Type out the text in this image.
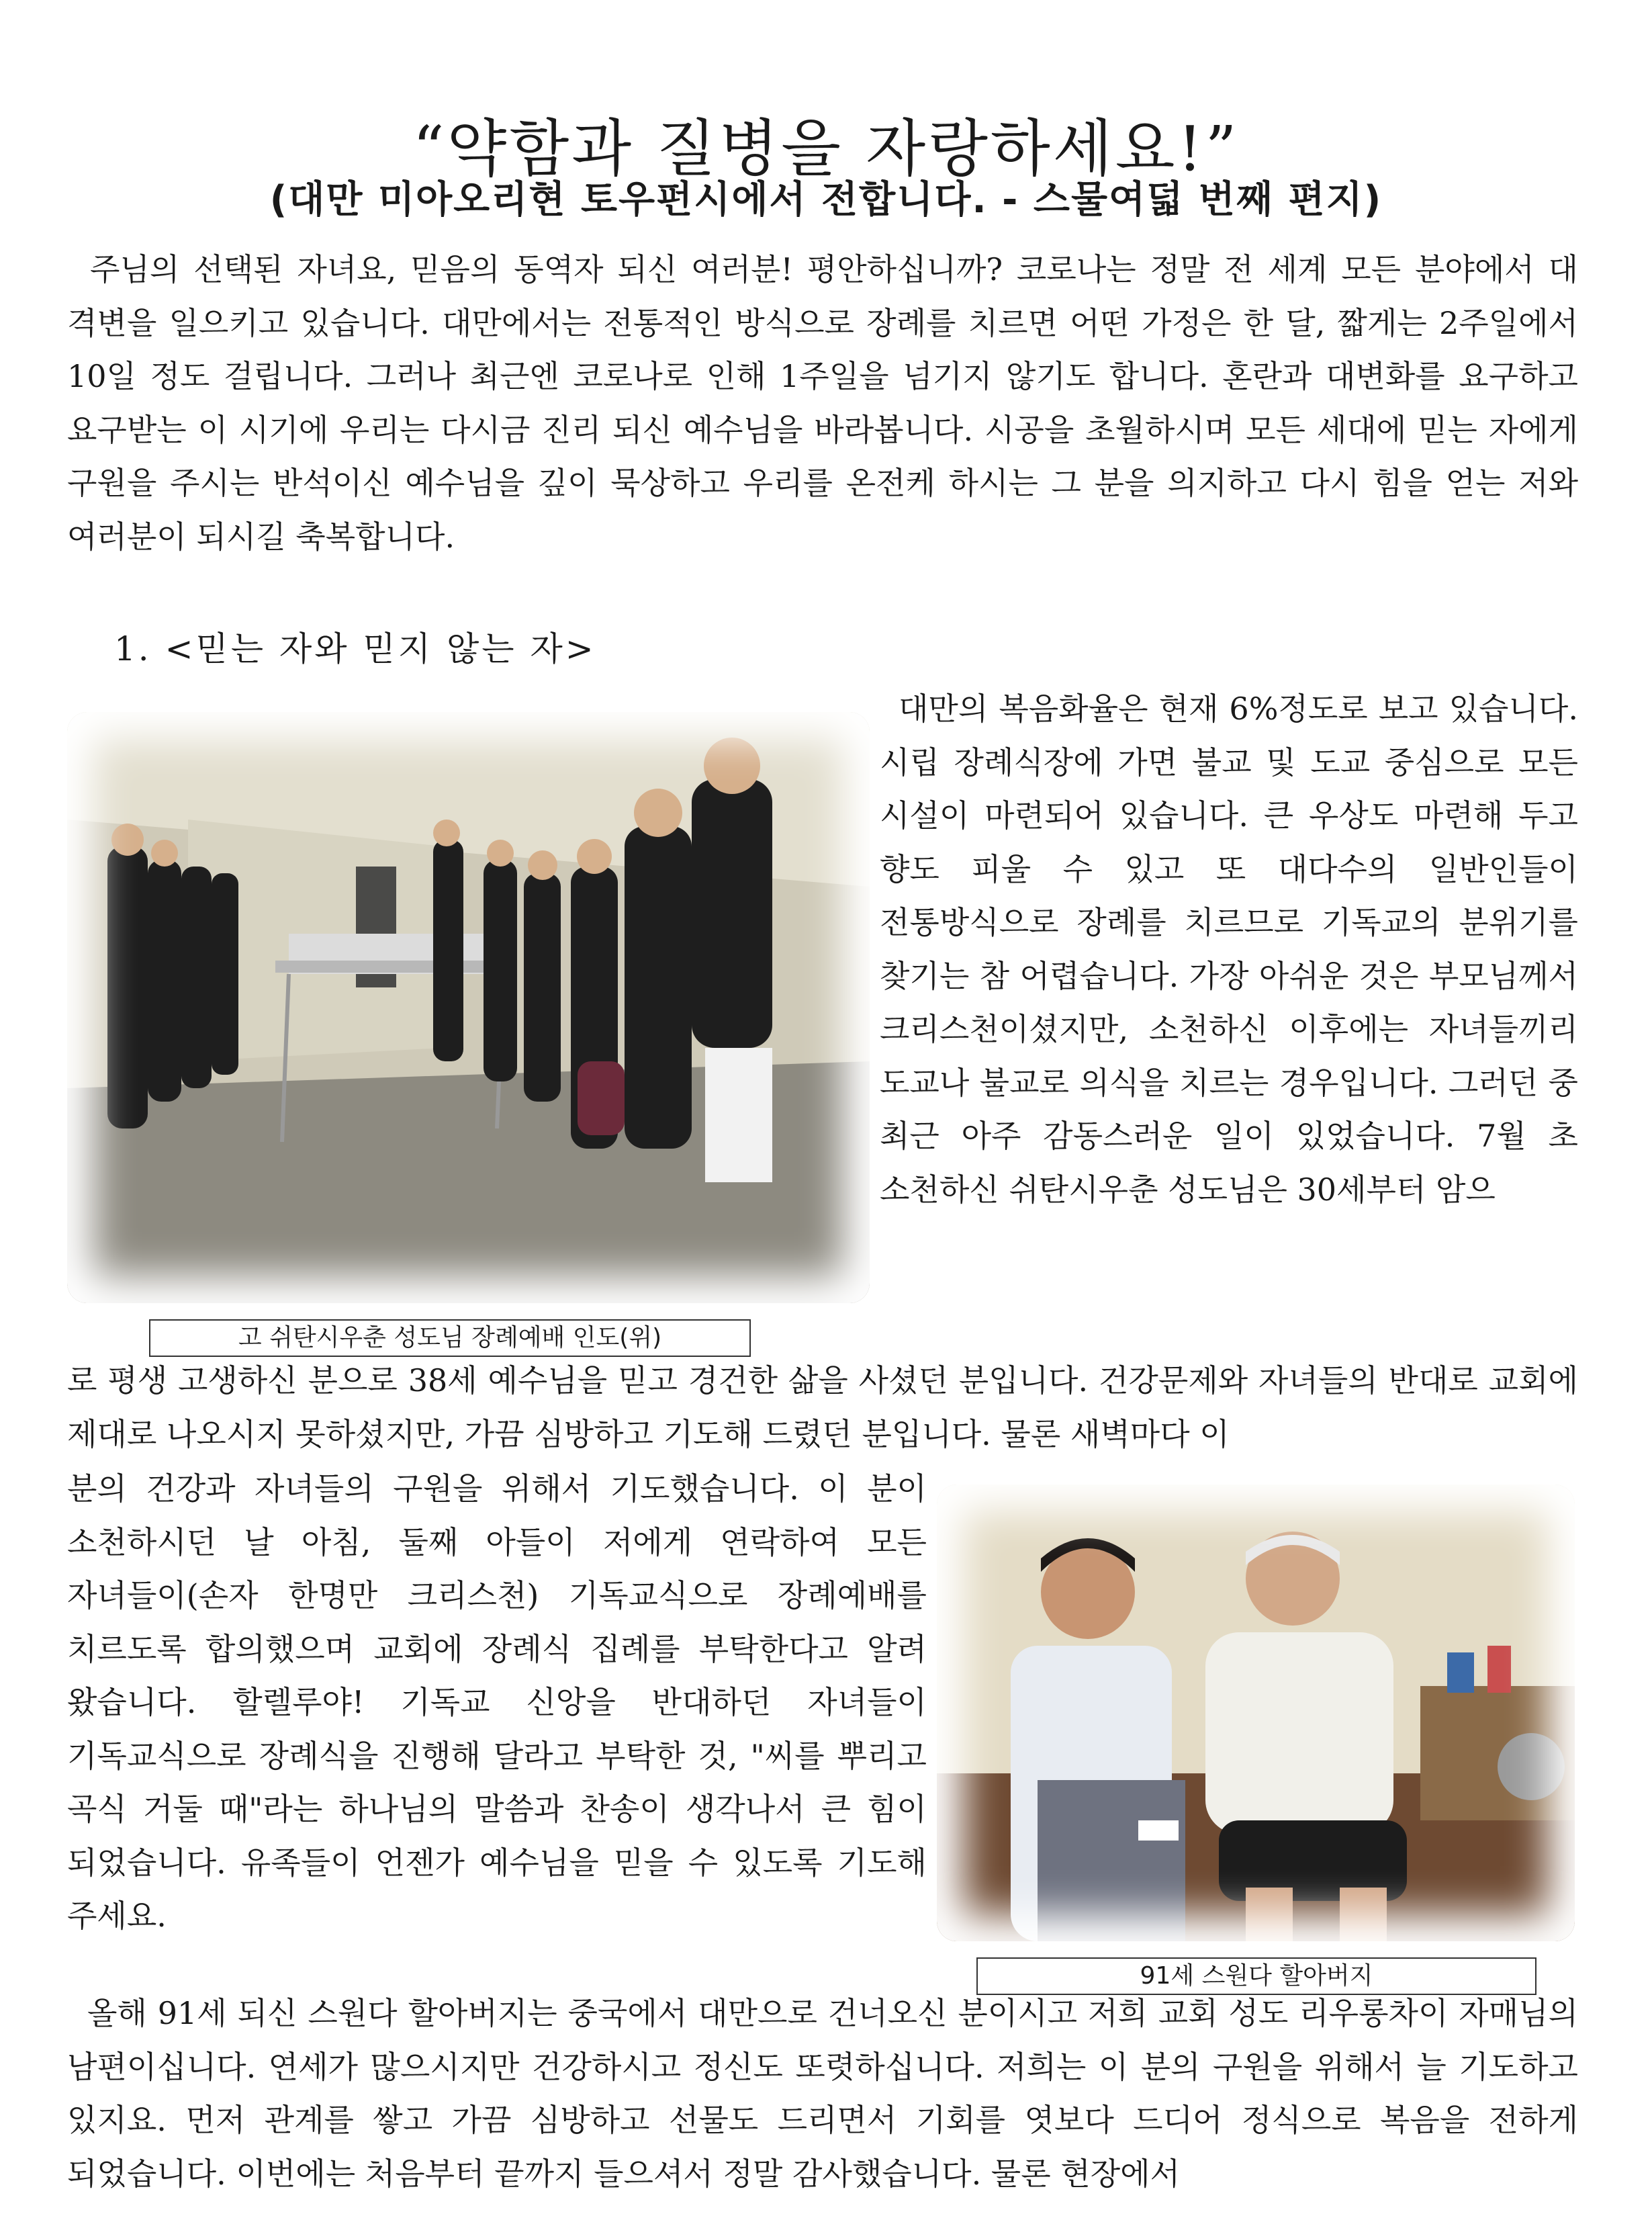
“약함과 질병을 자랑하세요!”
(대만 미아오리현 토우펀시에서 전합니다. - 스물여덟 번째 편지)

주님의 선택된 자녀요, 믿음의 동역자 되신 여러분! 평안하십니까? 코로나는 정말 전 세계 모든 분야에서 대 격변을 일으키고 있습니다. 대만에서는 전통적인 방식으로 장례를 치르면 어떤 가정은 한 달, 짧게는 2주일에서 10일 정도 걸립니다. 그러나 최근엔 코로나로 인해 1주일을 넘기지 않기도 합니다. 혼란과 대변화를 요구하고 요구받는 이 시기에 우리는 다시금 진리 되신 예수님을 바라봅니다. 시공을 초월하시며 모든 세대에 믿는 자에게 구원을 주시는 반석이신 예수님을 깊이 묵상하고 우리를 온전케 하시는 그 분을 의지하고 다시 힘을 얻는 저와 여러분이 되시길 축복합니다.

1. <믿는 자와 믿지 않는 자>

대만의 복음화율은 현재 6%정도로 보고 있습니다. 시립 장례식장에 가면 불교 및 도교 중심으로 모든 시설이 마련되어 있습니다. 큰 우상도 마련해 두고 향도 피울 수 있고 또 대다수의 일반인들이 전통방식으로 장례를 치르므로 기독교의 분위기를 찾기는 참 어렵습니다. 가장 아쉬운 것은 부모님께서 크리스천이셨지만, 소천하신 이후에는 자녀들끼리 도교나 불교로 의식을 치르는 경우입니다. 그러던 중 최근 아주 감동스러운 일이 있었습니다. 7월 초 소천하신 쉬탄시우춘 성도님은 30세부터 암으

고 쉬탄시우춘 성도님 장례예배 인도(위)

로 평생 고생하신 분으로 38세 예수님을 믿고 경건한 삶을 사셨던 분입니다. 건강문제와 자녀들의 반대로 교회에 제대로 나오시지 못하셨지만, 가끔 심방하고 기도해 드렸던 분입니다. 물론 새벽마다 이

분의 건강과 자녀들의 구원을 위해서 기도했습니다. 이 분이 소천하시던 날 아침, 둘째 아들이 저에게 연락하여 모든 자녀들이(손자 한명만 크리스천) 기독교식으로 장례예배를 치르도록 합의했으며 교회에 장례식 집례를 부탁한다고 알려 왔습니다. 할렐루야! 기독교 신앙을 반대하던 자녀들이 기독교식으로 장례식을 진행해 달라고 부탁한 것, "씨를 뿌리고 곡식 거둘 때"라는 하나님의 말씀과 찬송이 생각나서 큰 힘이 되었습니다. 유족들이 언젠가 예수님을 믿을 수 있도록 기도해 주세요.

91세 스원다 할아버지

올해 91세 되신 스원다 할아버지는 중국에서 대만으로 건너오신 분이시고 저희 교회 성도 리우롱차이 자매님의 남편이십니다. 연세가 많으시지만 건강하시고 정신도 또렷하십니다. 저희는 이 분의 구원을 위해서 늘 기도하고 있지요. 먼저 관계를 쌓고 가끔 심방하고 선물도 드리면서 기회를 엿보다 드디어 정식으로 복음을 전하게 되었습니다. 이번에는 처음부터 끝까지 들으셔서 정말 감사했습니다. 물론 현장에서
